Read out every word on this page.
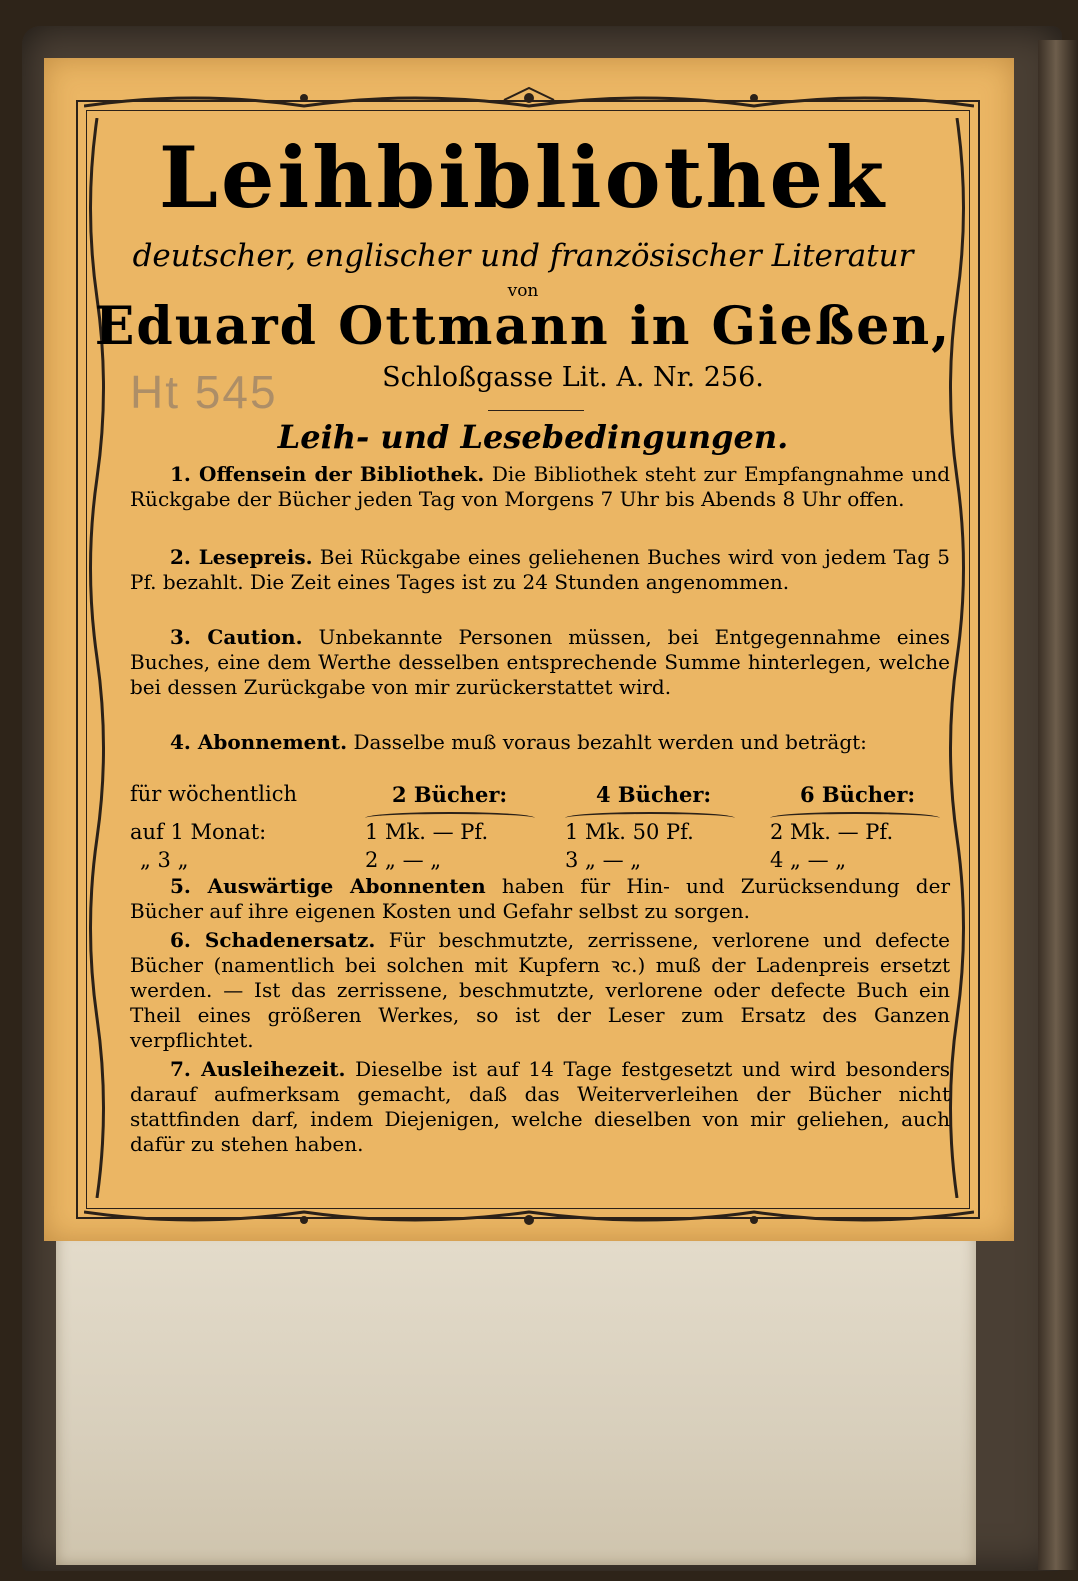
Leihbibliothek
deutscher, englischer und französischer Literatur
von
Eduard Ottmann in Gießen,
Schloßgasse Lit. A. Nr. 256.
Ht 545
Leih- und Lesebedingungen.
1. Offensein der Bibliothek. Die Bibliothek steht zur Empfangnahme und Rückgabe der Bücher jeden Tag von Morgens 7 Uhr bis Abends 8 Uhr offen.
2. Lesepreis. Bei Rückgabe eines geliehenen Buches wird von jedem Tag 5 Pf. bezahlt. Die Zeit eines Tages ist zu 24 Stunden angenommen.
3. Caution. Unbekannte Personen müssen, bei Entgegennahme eines Buches, eine dem Werthe desselben entsprechende Summe hinterlegen, welche bei dessen Zurückgabe von mir zurückerstattet wird.
4. Abonnement. Dasselbe muß voraus bezahlt werden und beträgt:
für wöchentlich	2 Bücher:	4 Bücher:	6 Bücher:
auf 1 Monat:	1 Mk. — Pf.	1 Mk. 50 Pf.	2 Mk. — Pf.
„ 3 „	2 „ — „	3 „ — „	4 „ — „
5. Auswärtige Abonnenten haben für Hin- und Zurücksendung der Bücher auf ihre eigenen Kosten und Gefahr selbst zu sorgen.
6. Schadenersatz. Für beschmutzte, zerrissene, verlorene und defecte Bücher (namentlich bei solchen mit Kupfern ꝛc.) muß der Ladenpreis ersetzt werden. — Ist das zerrissene, beschmutzte, verlorene oder defecte Buch ein Theil eines größeren Werkes, so ist der Leser zum Ersatz des Ganzen verpflichtet.
7. Ausleihezeit. Dieselbe ist auf 14 Tage festgesetzt und wird besonders darauf aufmerksam gemacht, daß das Weiterverleihen der Bücher nicht stattfinden darf, indem Diejenigen, welche dieselben von mir geliehen, auch dafür zu stehen haben.
